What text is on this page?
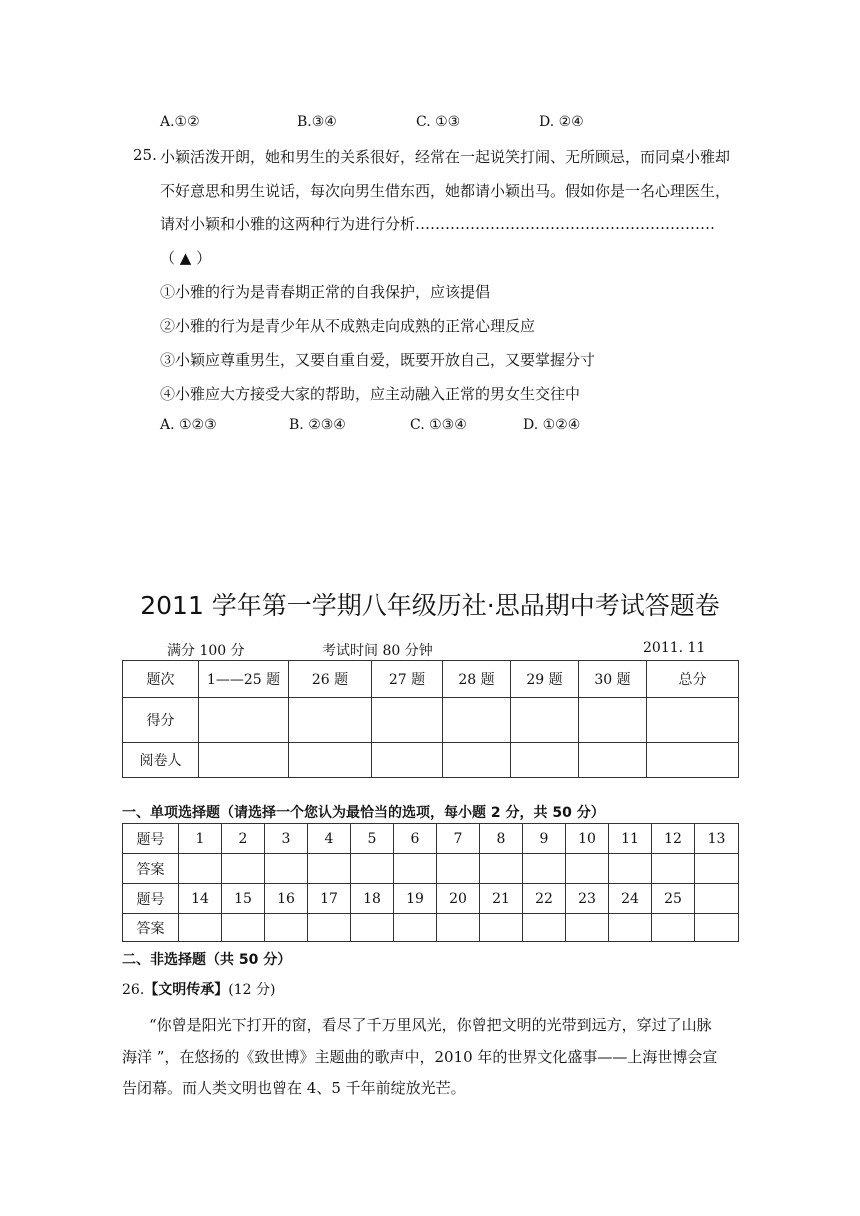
A.①②	B.③④	C. ①③	D. ②④
25. 小颖活泼开朗，她和男生的关系很好，经常在一起说笑打闹、无所顾忌，而同桌小雅却
不好意思和男生说话，每次向男生借东西，她都请小颖出马。假如你是一名心理医生，
请对小颖和小雅的这两种行为进行分析……………………………………………………
（ ▲ ）
①小雅的行为是青春期正常的自我保护，应该提倡
②小雅的行为是青少年从不成熟走向成熟的正常心理反应
③小颖应尊重男生，又要自重自爱，既要开放自己，又要掌握分寸
④小雅应大方接受大家的帮助，应主动融入正常的男女生交往中
A. ①②③	B. ②③④	C. ①③④	D. ①②④
2011 学年第一学期八年级历社·思品期中考试答题卷
满分 100 分	考试时间 80 分钟	2011. 11
题次	1——25 题	26 题	27 题	28 题	29 题	30 题	总分
得分							
阅卷人							
一、单项选择题（请选择一个您认为最恰当的选项，每小题 2 分，共 50 分）
题号	1	2	3	4	5	6	7	8	9	10	11	12	13
答案													
题号	14	15	16	17	18	19	20	21	22	23	24	25	
答案													
二、非选择题（共 50 分）
26.【文明传承】(12 分)
“你曾是阳光下打开的窗，看尽了千万里风光，你曾把文明的光带到远方，穿过了山脉
海洋 ”，在悠扬的《致世博》主题曲的歌声中，2010 年的世界文化盛事——上海世博会宣
告闭幕。而人类文明也曾在 4、5 千年前绽放光芒。
